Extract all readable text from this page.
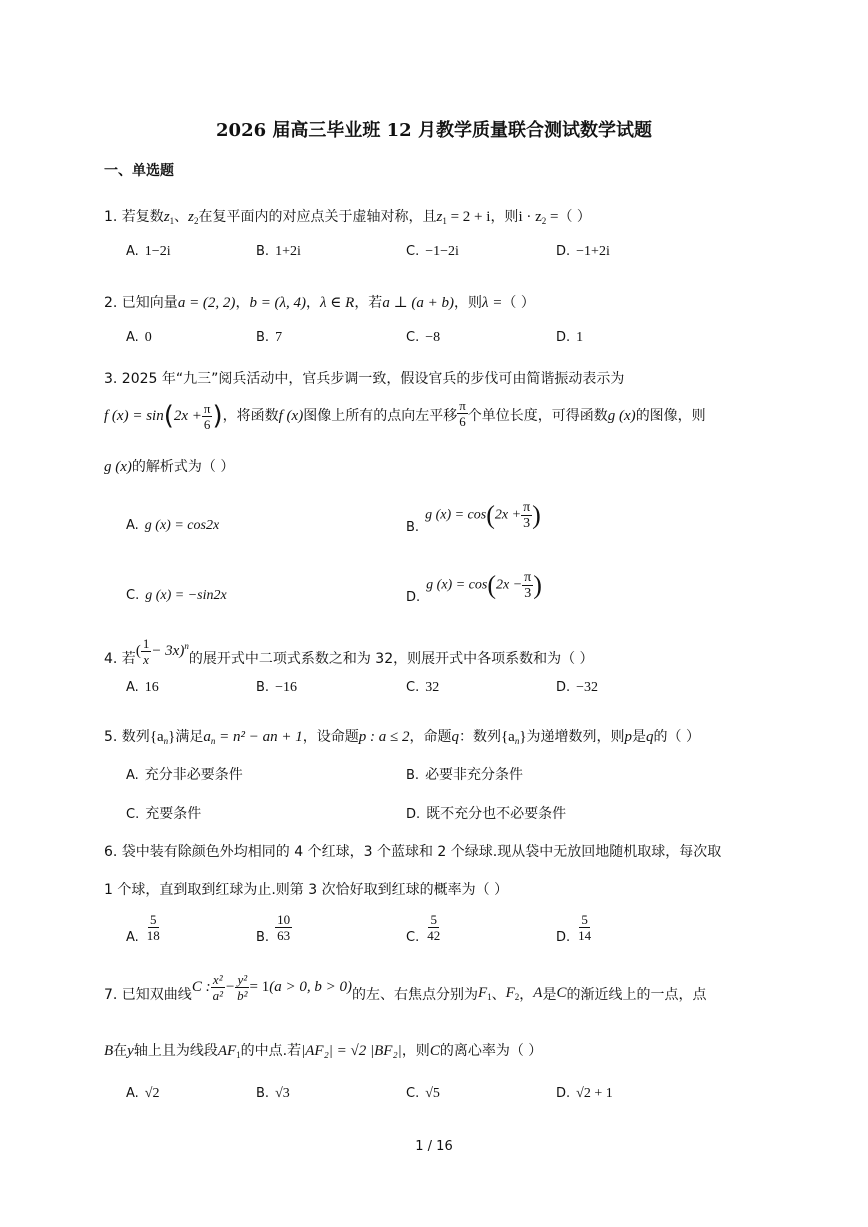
2026 届高三毕业班 12 月教学质量联合测试数学试题
一、单选题
1. 若复数$z_1$、$z_2$在复平面内的对应点关于虚轴对称，且$z_1 = 2 + i$，则$i \cdot z_2$ =（ ）
A. 1−2i	B. 1+2i	C. −1−2i	D. −1+2i
2. 已知向量a = (2, 2)，b = (λ, 4)，λ ∈ R，若a ⊥ (a + b)，则λ =（ ）
A. 0	B. 7	C. −8	D. 1
3. 2025 年“九三”阅兵活动中，官兵步调一致，假设官兵的步伐可由简谐振动表示为
f $(x) = \sin(2x + \frac{\pi}{6}$ )，将函数f (x)图像上所有的点向左平移 $\frac{\pi}{6}$ 个单位长度，可得函数g (x)的图像，则
g (x)的解析式为（ ）
A. g (x) = cos2x	B.g $(x) = \cos(2x + \frac{\pi}{3}$ )
C. g (x) = −sin2x	D.g $(x) = \cos(2x - \frac{\pi}{3}$ )
4. 若( $\frac{1}{x} - 3x)^n$的展开式中二项式系数之和为 32，则展开式中各项系数和为（ ）
A. 16	B. −16	C. 32	D. −32
5. 数列$\{a_n\}$满足$a_n = n^2$ − an + 1，设命题p : a ≤ 2，命题q：数列$\{a_n\}$为递增数列，则p是q的（ ）
A. 充分非必要条件	B. 必要非充分条件
C. 充要条件	D. 既不充分也不必要条件
6. 袋中装有除颜色外均相同的 4 个红球，3 个蓝球和 2 个绿球.现从袋中无放回地随机取球，每次取
1 个球，直到取到红球为止.则第 3 次恰好取到红球的概率为（ ）
A. $\frac{5}{18}$	B. $\frac{10}{63}$	C. $\frac{5}{42}$	D. $\frac{5}{14}$
7. 已知双曲线C : $\frac{\text{x²}}{\text{a²}} - \frac{\text{y²}}{\text{b²}} = 1(a > 0$, b > 0)的左、右焦点分别为$F_1$、$F_2$，A是C的渐近线上的一点，点
B在y轴上且为线段$AF_1$的中点.若|AF₂| = √2 |BF₂|，则C的离心率为（ ）
A. √2	B. √3	C. √5	D. √2 + 1
1 / 16
